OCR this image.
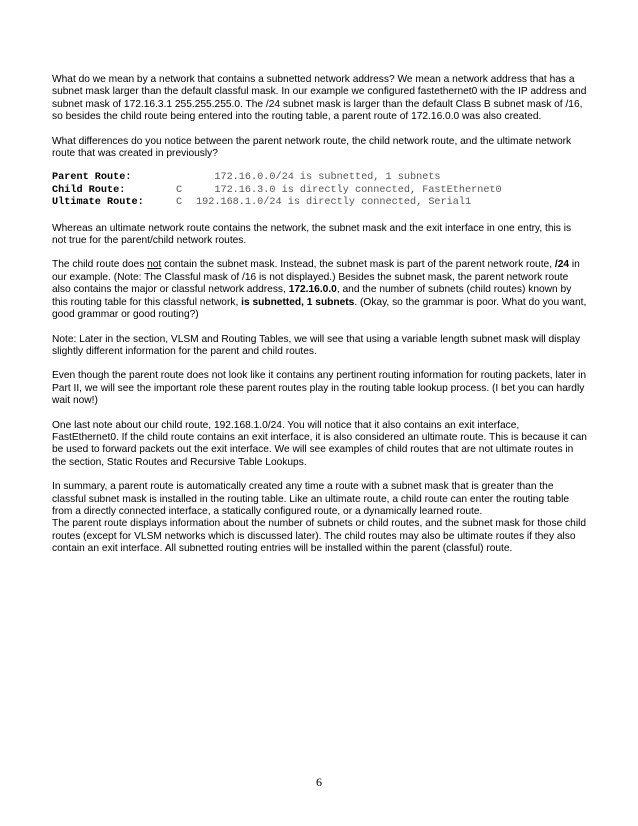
What do we mean by a network that contains a subnetted network address? We mean a network address that has a subnet mask larger than the default classful mask. In our example we configured fastethernet0 with the IP address and subnet mask of 172.16.3.1 255.255.255.0. The /24 subnet mask is larger than the default Class B subnet mask of /16, so besides the child route being entered into the routing table, a parent route of 172.16.0.0 was also created.

What differences do you notice between the parent network route, the child network route, and the ultimate network route that was created in previously?

Parent Route:	172.16.0.0/24 is subnetted, 1 subnets
Child Route:	C	172.16.3.0 is directly connected, FastEthernet0
Ultimate Route:	C	192.168.1.0/24 is directly connected, Serial1

Whereas an ultimate network route contains the network, the subnet mask and the exit interface in one entry, this is not true for the parent/child network routes.

The child route does not contain the subnet mask. Instead, the subnet mask is part of the parent network route, /24 in our example. (Note: The Classful mask of /16 is not displayed.) Besides the subnet mask, the parent network route also contains the major or classful network address, 172.16.0.0, and the number of subnets (child routes) known by this routing table for this classful network, is subnetted, 1 subnets. (Okay, so the grammar is poor. What do you want, good grammar or good routing?)

Note: Later in the section, VLSM and Routing Tables, we will see that using a variable length subnet mask will display slightly different information for the parent and child routes.

Even though the parent route does not look like it contains any pertinent routing information for routing packets, later in Part II, we will see the important role these parent routes play in the routing table lookup process. (I bet you can hardly wait now!)

One last note about our child route, 192.168.1.0/24. You will notice that it also contains an exit interface, FastEthernet0. If the child route contains an exit interface, it is also considered an ultimate route. This is because it can be used to forward packets out the exit interface. We will see examples of child routes that are not ultimate routes in the section, Static Routes and Recursive Table Lookups.

In summary, a parent route is automatically created any time a route with a subnet mask that is greater than the classful subnet mask is installed in the routing table. Like an ultimate route, a child route can enter the routing table from a directly connected interface, a statically configured route, or a dynamically learned route.
The parent route displays information about the number of subnets or child routes, and the subnet mask for those child routes (except for VLSM networks which is discussed later). The child routes may also be ultimate routes if they also contain an exit interface. All subnetted routing entries will be installed within the parent (classful) route.

6
